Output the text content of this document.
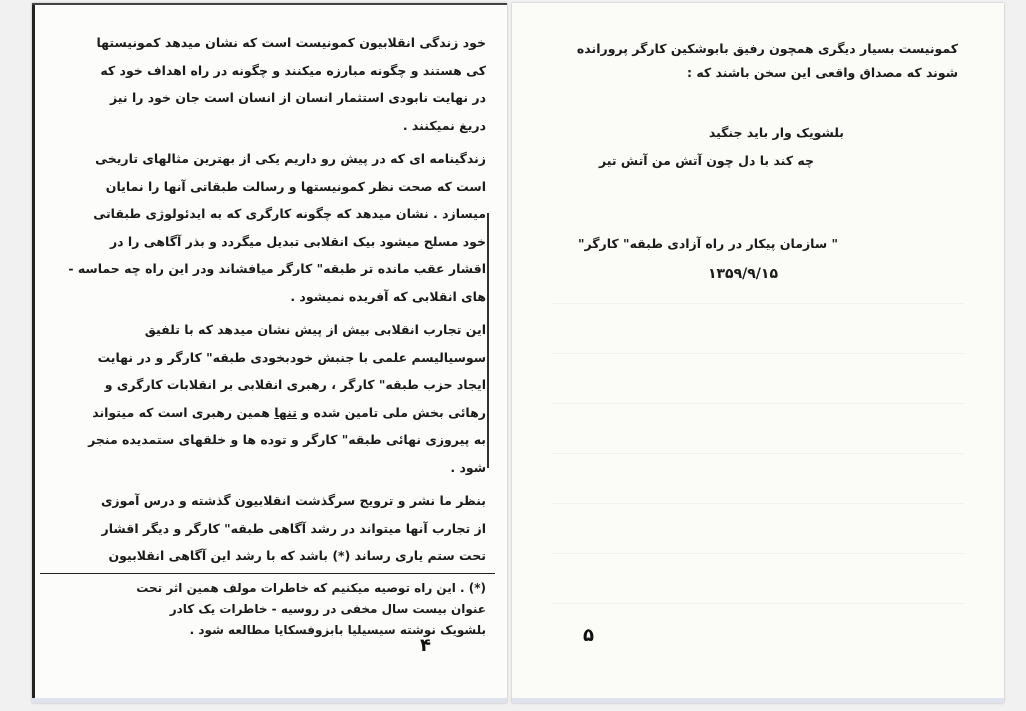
خود زندگی انقلابیون کمونیست است که نشان میدهد کمونیستها
کی هستند و چگونه مبارزه میکنند و چگونه در راه اهداف خود که
در نهایت نابودی استثمار انسان از انسان است جان خود را نیز
دریغ نمیکنند .
زندگینامه ای که در پیش رو داریم یکی از بهترین مثالهای تاریخی
است که صحت نظر کمونیستها و رسالت طبقاتی آنها را نمایان
میسازد . نشان میدهد که چگونه کارگری که به ایدئولوژی طبقاتی
خود مسلح میشود بیک انقلابی تبدیل میگردد و بذر آگاهی را در
اقشار عقب مانده تر طبقه" کارگر میافشاند ودر این راه چه حماسه -
های انقلابی که آفریده نمیشود .
این تجارب انقلابی بیش از پیش نشان میدهد که با تلفیق
سوسیالیسم علمی با جنبش خودبخودی طبقه" کارگر و در نهایت
ایجاد حزب طبقه" کارگر ، رهبری انقلابی بر انقلابات کارگری و
رهائی بخش ملی تامین شده و تنها همین رهبری است که میتواند
به پیروزی نهائی طبقه" کارگر و توده ها و خلقهای ستمدیده منجر
شود .
بنظر ما نشر و ترویج سرگذشت انقلابیون گذشته و درس آموزی
از تجارب آنها میتواند در رشد آگاهی طبقه" کارگر و دیگر اقشار
تحت ستم یاری رساند (*) باشد که با رشد این آگاهی انقلابیون
(*) . این راه توصیه میکنیم که خاطرات مولف همین اثر تحت
عنوان بیست سال مخفی در روسیه - خاطرات یک کادر
بلشویک نوشته سیسیلیا بابزوفسکایا مطالعه شود .
۴
کمونیست بسیار دیگری همچون رفیق بابوشکین کارگر پرورانده
شوند که مصداق واقعی این سخن باشند که :
بلشویک وار باید جنگید
چه کند با دل چون آتش من آتش تیر
" سازمان پیکار در راه آزادی طبقه" کارگر"
۱۳۵۹/۹/۱۵
۵
